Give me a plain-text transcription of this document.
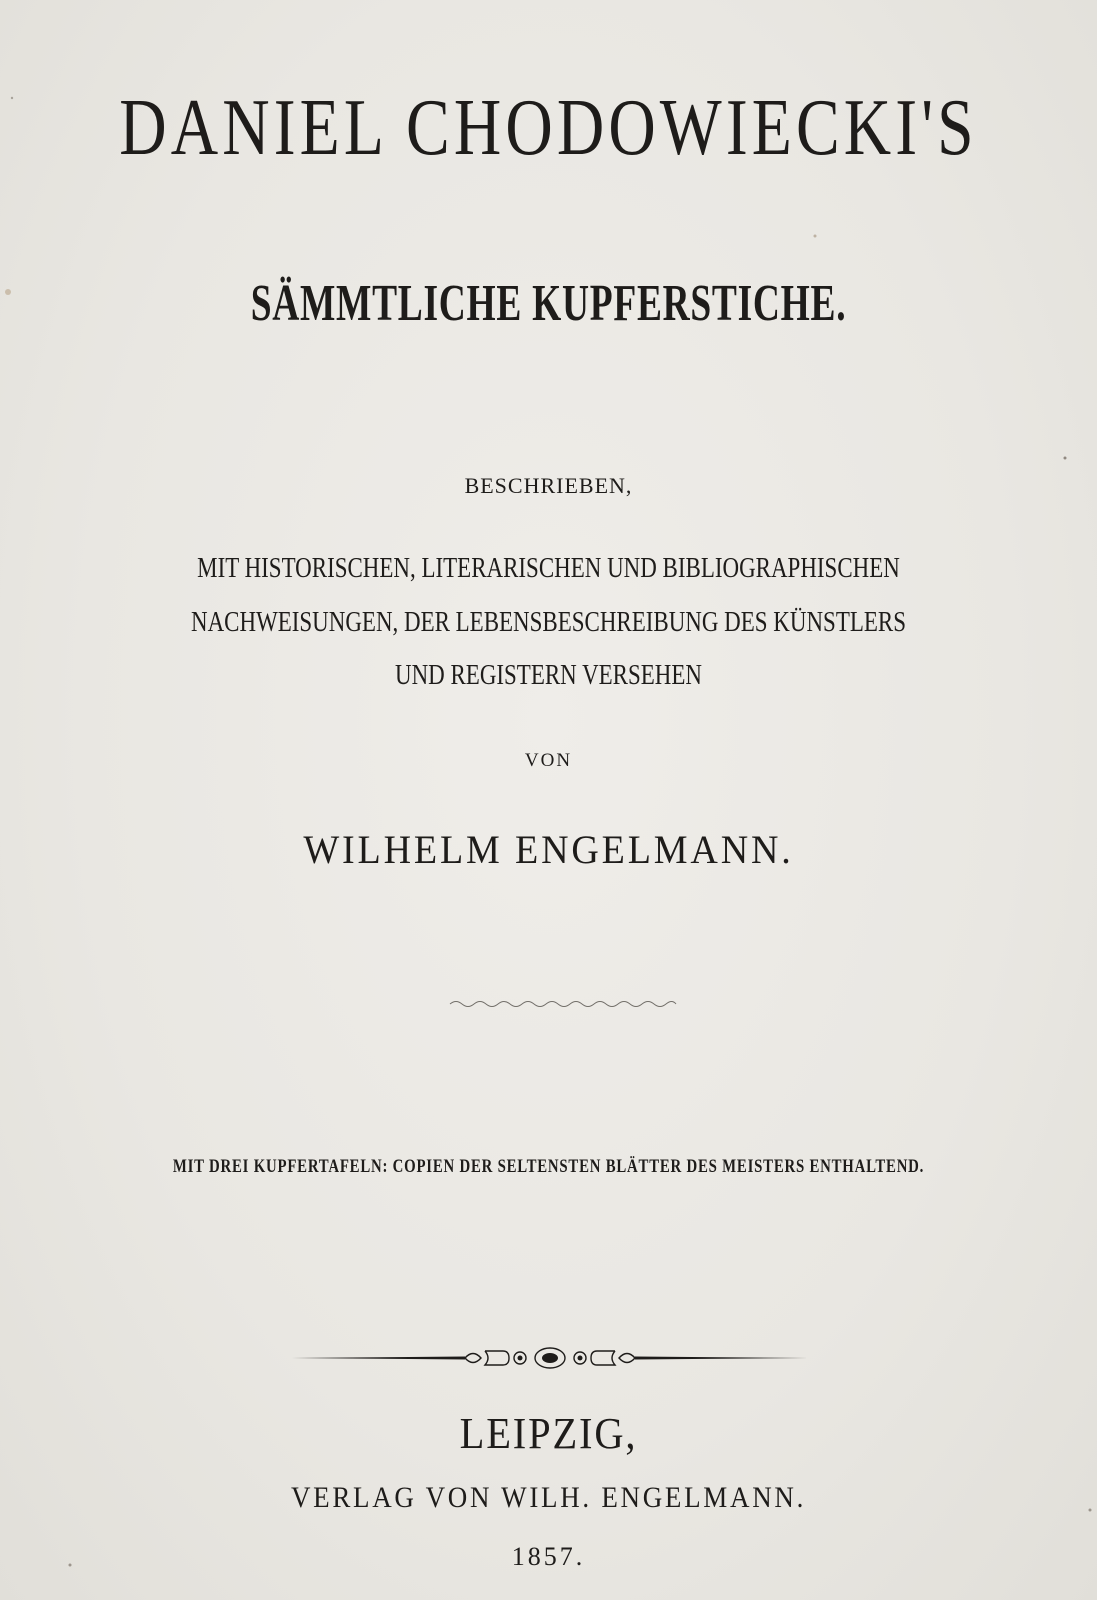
DANIEL CHODOWIECKI'S
SÄMMTLICHE KUPFERSTICHE.
BESCHRIEBEN,
MIT HISTORISCHEN, LITERARISCHEN UND BIBLIOGRAPHISCHEN
NACHWEISUNGEN, DER LEBENSBESCHREIBUNG DES KÜNSTLERS
UND REGISTERN VERSEHEN
VON
WILHELM ENGELMANN.
MIT DREI KUPFERTAFELN: COPIEN DER SELTENSTEN BLÄTTER DES MEISTERS ENTHALTEND.
LEIPZIG,
VERLAG VON WILH. ENGELMANN.
1857.
